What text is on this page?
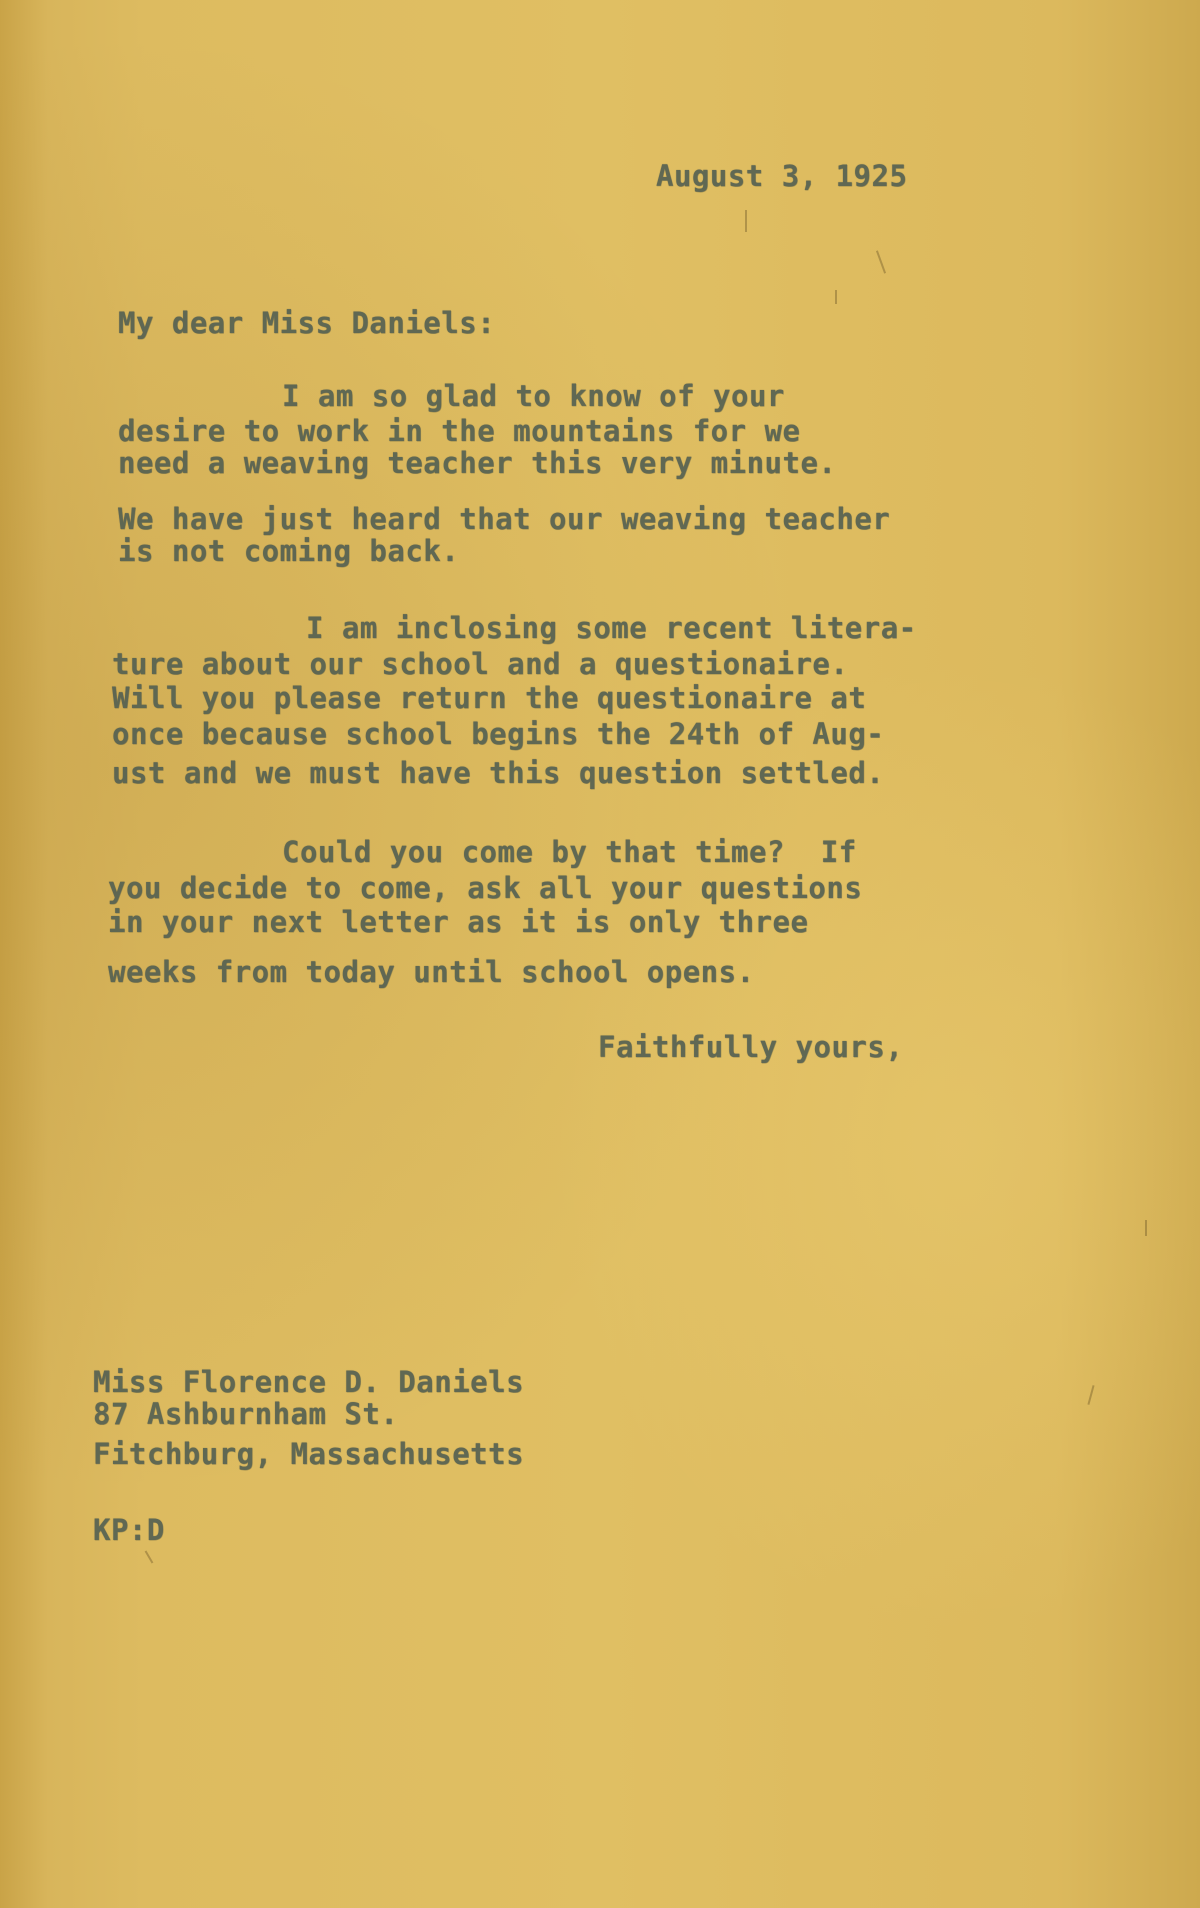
August 3, 1925
My dear Miss Daniels:
I am so glad to know of your
desire to work in the mountains for we
need a weaving teacher this very minute.
We have just heard that our weaving teacher
is not coming back.
I am inclosing some recent litera-
ture about our school and a questionaire.
Will you please return the questionaire at
once because school begins the 24th of Aug-
ust and we must have this question settled.
Could you come by that time?  If
you decide to come, ask all your questions
in your next letter as it is only three
weeks from today until school opens.
Faithfully yours,
Miss Florence D. Daniels
87 Ashburnham St.
Fitchburg, Massachusetts
KP:D
